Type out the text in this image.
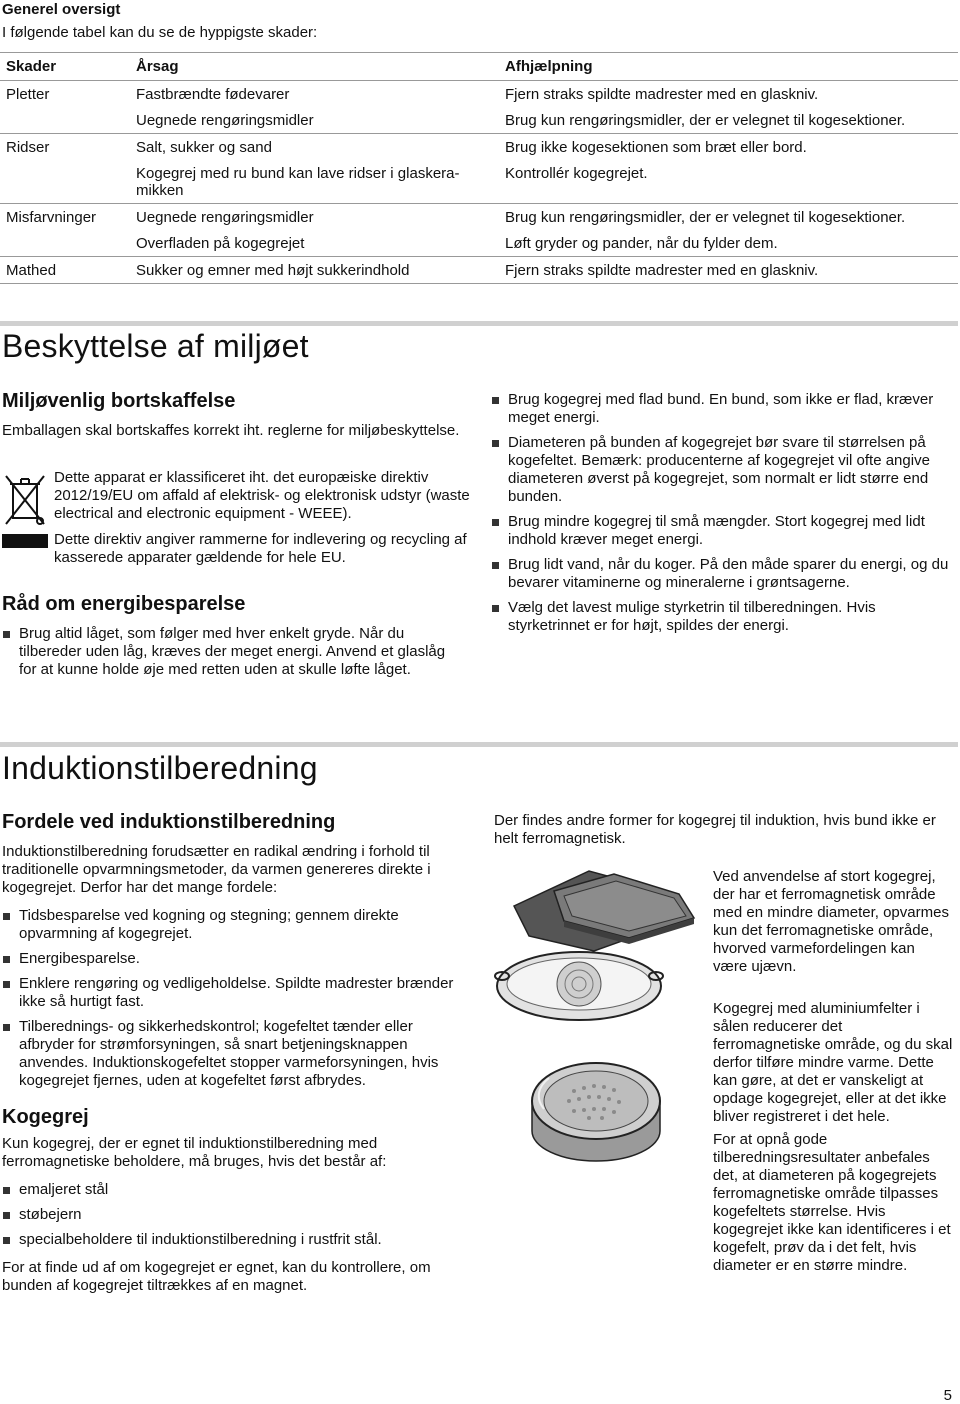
Generel oversigt
I følgende tabel kan du se de hyppigste skader:
Skader	Årsag	Afhjælpning
Pletter	Fastbrændte fødevarer	Fjern straks spildte madrester med en glaskniv.
	Uegnede rengøringsmidler	Brug kun rengøringsmidler, der er velegnet til kogesektioner.
Ridser	Salt, sukker og sand	Brug ikke kogesektionen som bræt eller bord.
	Kogegrej med ru bund kan lave ridser i glaskera-mikken	Kontrollér kogegrejet.
Misfarvninger	Uegnede rengøringsmidler	Brug kun rengøringsmidler, der er velegnet til kogesektioner.
	Overfladen på kogegrejet	Løft gryder og pander, når du fylder dem.
Mathed	Sukker og emner med højt sukkerindhold	Fjern straks spildte madrester med en glaskniv.
Beskyttelse af miljøet
Miljøvenlig bortskaffelse
Emballagen skal bortskaffes korrekt iht. reglerne for miljøbeskyttelse.
Dette apparat er klassificeret iht. det europæiske direktiv 2012/19/EU om affald af elektrisk- og elektronisk udstyr (waste electrical and electronic equipment - WEEE).
Dette direktiv angiver rammerne for indlevering og recycling af kasserede apparater gældende for hele EU.
Råd om energibesparelse
Brug altid låget, som følger med hver enkelt gryde. Når du tilbereder uden låg, kræves der meget energi. Anvend et glaslåg for at kunne holde øje med retten uden at skulle løfte låget.
Brug kogegrej med flad bund. En bund, som ikke er flad, kræver meget energi.
Diameteren på bunden af kogegrejet bør svare til størrelsen på kogefeltet. Bemærk: producenterne af kogegrejet vil ofte angive diameteren øverst på kogegrejet, som normalt er lidt større end bunden.
Brug mindre kogegrej til små mængder. Stort kogegrej med lidt indhold kræver meget energi.
Brug lidt vand, når du koger. På den måde sparer du energi, og du bevarer vitaminerne og mineralerne i grøntsagerne.
Vælg det lavest mulige styrketrin til tilberedningen. Hvis styrketrinnet er for højt, spildes der energi.
Induktionstilberedning
Fordele ved induktionstilberedning
Induktionstilberedning forudsætter en radikal ændring i forhold til traditionelle opvarmningsmetoder, da varmen genereres direkte i kogegrejet. Derfor har det mange fordele:
Tidsbesparelse ved kogning og stegning; gennem direkte opvarmning af kogegrejet.
Energibesparelse.
Enklere rengøring og vedligeholdelse. Spildte madrester brænder ikke så hurtigt fast.
Tilberednings- og sikkerhedskontrol; kogefeltet tænder eller afbryder for strømforsyningen, så snart betjeningsknappen anvendes. Induktionskogefeltet stopper varmeforsyningen, hvis kogegrejet fjernes, uden at kogefeltet først afbrydes.
Kogegrej
Kun kogegrej, der er egnet til induktionstilberedning med ferromagnetiske beholdere, må bruges, hvis det består af:
emaljeret stål
støbejern
specialbeholdere til induktionstilberedning i rustfrit stål.
For at finde ud af om kogegrejet er egnet, kan du kontrollere, om bunden af kogegrejet tiltrækkes af en magnet.
Der findes andre former for kogegrej til induktion, hvis bund ikke er helt ferromagnetisk.
Ved anvendelse af stort kogegrej, der har et ferromagnetisk område med en mindre diameter, opvarmes kun det ferromagnetiske område, hvorved varmefordelingen kan være ujævn.
Kogegrej med aluminiumfelter i sålen reducerer det ferromagnetiske område, og du skal derfor tilføre mindre varme. Dette kan gøre, at det er vanskeligt at opdage kogegrejet, eller at det ikke bliver registreret i det hele.
For at opnå gode tilberedningsresultater anbefales det, at diameteren på kogegrejets ferromagnetiske område tilpasses kogefeltets størrelse. Hvis kogegrejet ikke kan identificeres i et kogefelt, prøv da i det felt, hvis diameter er en større mindre.
5
